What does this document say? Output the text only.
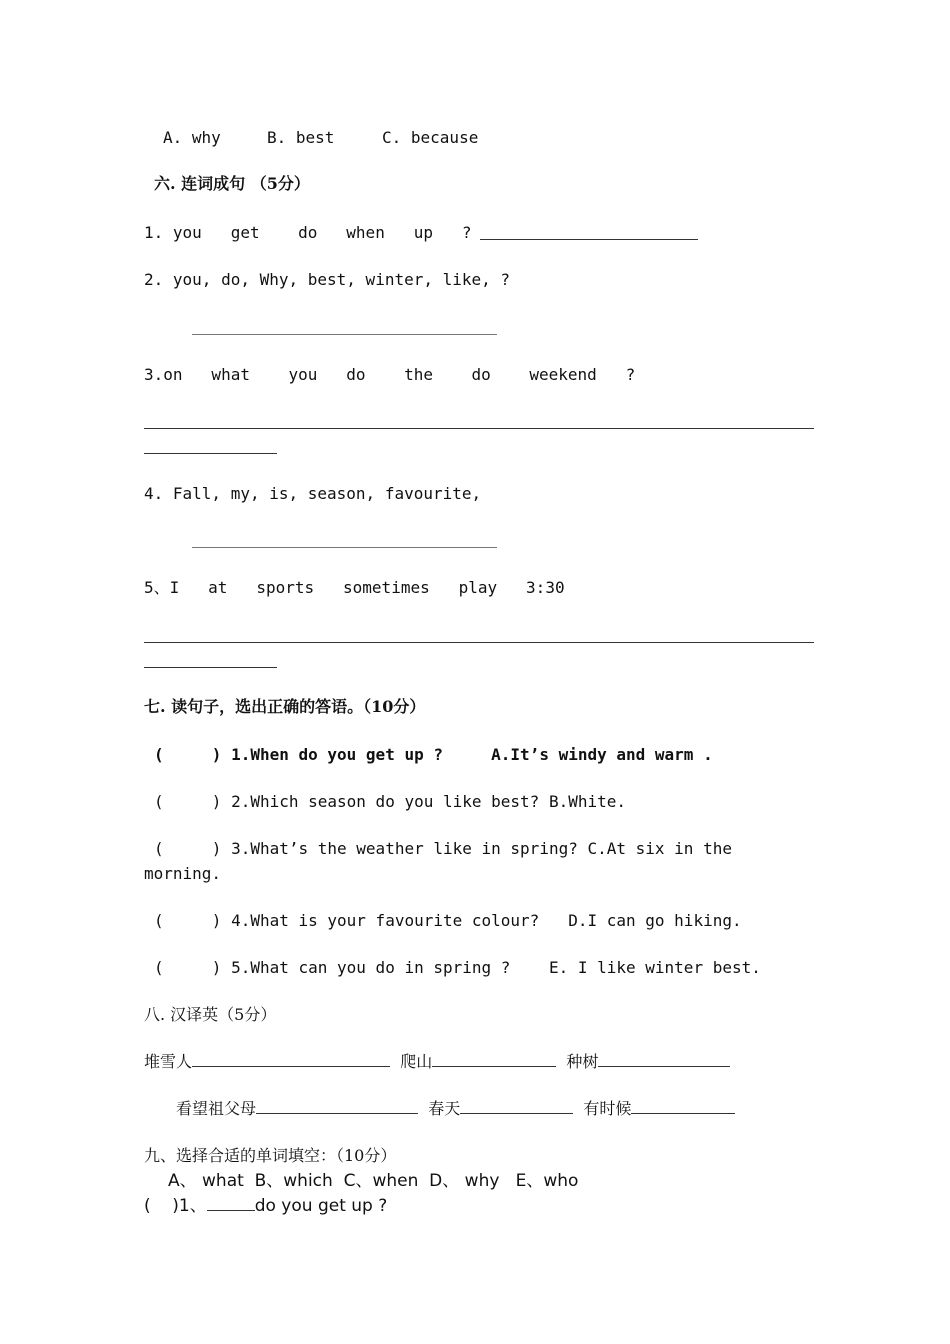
A. why	B. best	C. because
六. 连词成句 （5分）
1. you   get    do   when   up   ?
2. you, do, Why, best, winter, like, ?
3.on   what    you   do    the    do    weekend   ?
4. Fall, my, is, season, favourite,
5、I   at   sports   sometimes   play   3:30
七. 读句子，选出正确的答语。（10分）
(     ) 1.When do you get up ?     A.It’s windy and warm .
(     ) 2.Which season do you like best? B.White.
(     ) 3.What’s the weather like in spring? C.At six in the
morning.
(     ) 4.What is your favourite colour?   D.I can go hiking.
(     ) 5.What can you do in spring ?    E. I like winter best.
八. 汉译英（5分）
堆雪人	爬山	种树
看望祖父母	春天	有时候
九、选择合适的单词填空：（10分）
A、 what  B、which  C、when  D、 why   E、who
(    )1、	do you get up ?
